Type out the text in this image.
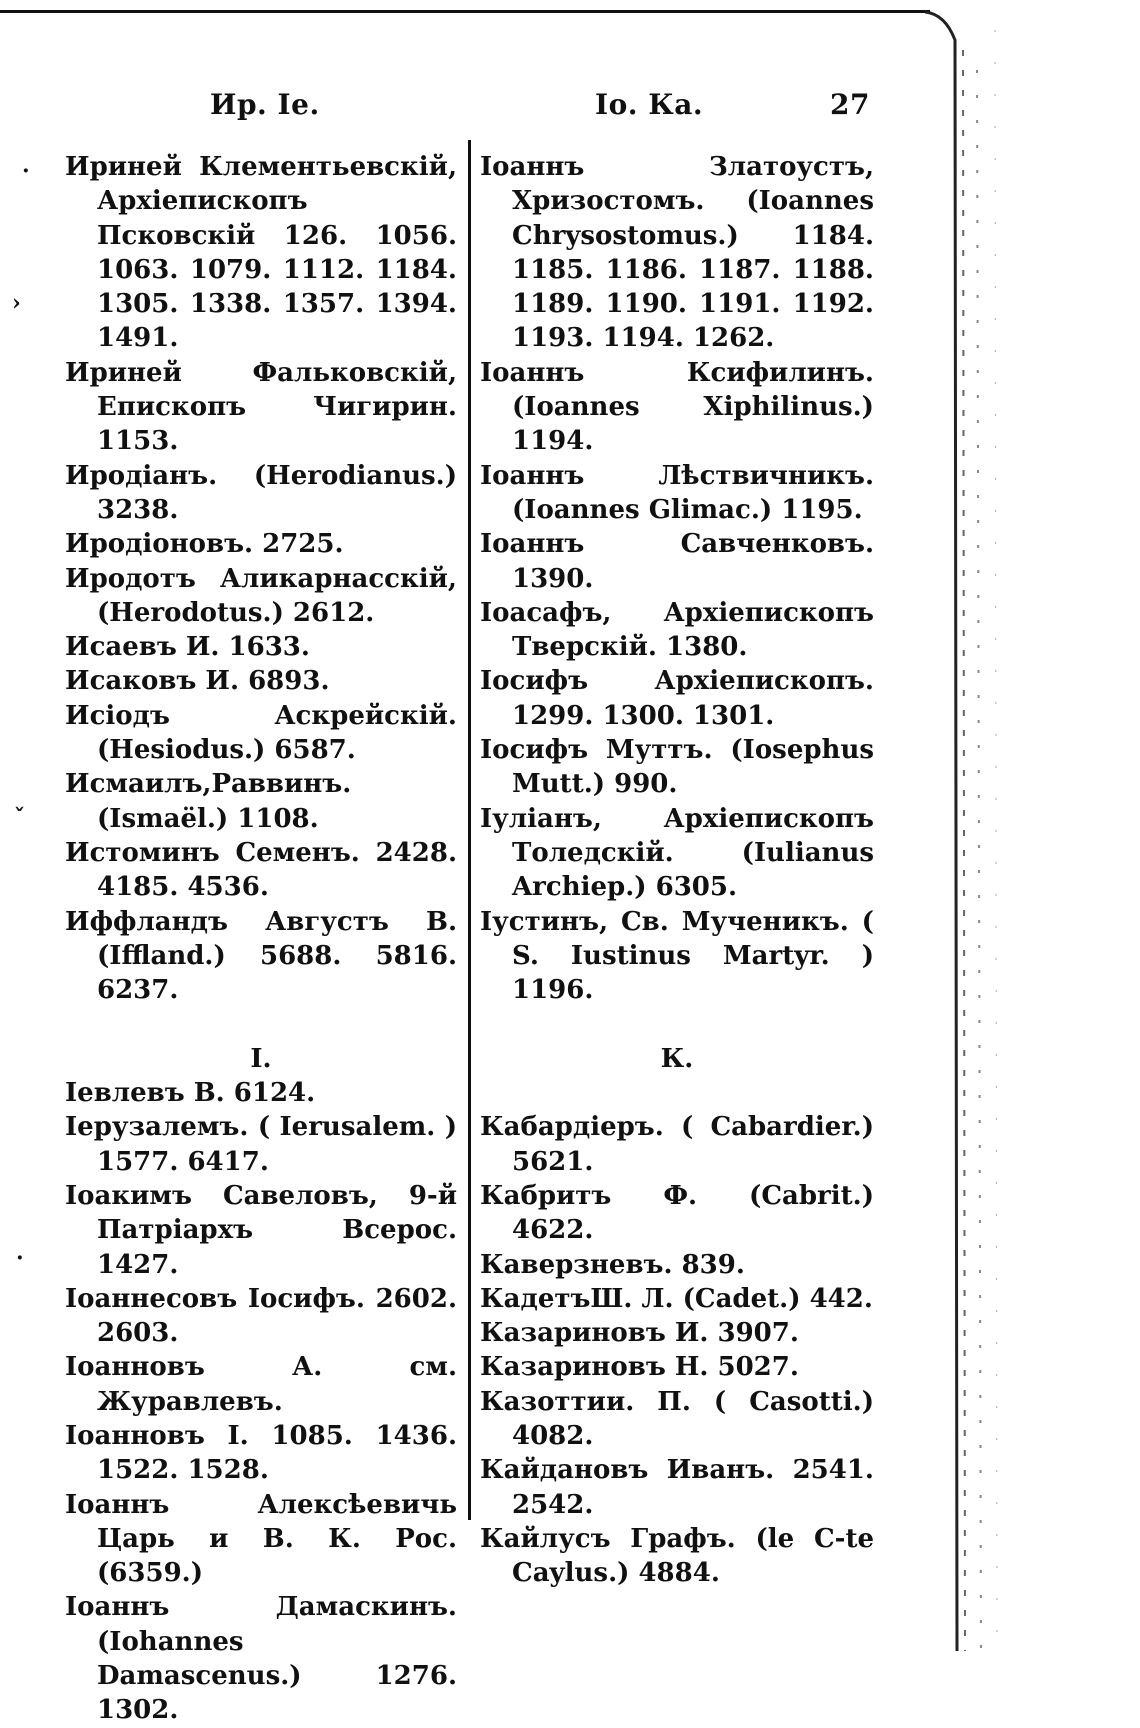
Ир. Іе.	Іо. Ка.	27
·
›
ˇ
·
Ириней Клементьевскій, Архіепископъ Псковскій 126. 1056. 1063. 1079. 1112. 1184. 1305. 1338. 1357. 1394. 1491.
Ириней Фальковскій, Епископъ Чигирин. 1153.
Иродіанъ. (Herodianus.) 3238.
Иродіоновъ. 2725.
Иродотъ Аликарнасскій, (Herodotus.) 2612.
Исаевъ И. 1633.
Исаковъ И. 6893.
Исіодъ Аскрейскій. (Hesiodus.) 6587.
Исмаилъ,Раввинъ.(Ismaël.) 1108.
Истоминъ Семенъ. 2428. 4185. 4536.
Иффландъ Августъ В. (Iffland.) 5688. 5816. 6237.
I.
Іевлевъ В. 6124.
Іерузалемъ. ( Ierusalem. ) 1577. 6417.
Іоакимъ Савеловъ, 9-й Патріархъ Всерос. 1427.
Іоаннесовъ Іосифъ. 2602. 2603.
Іоанновъ А. см. Журавлевъ.
Іоанновъ І. 1085. 1436. 1522. 1528.
Іоаннъ Алексѣевичь Царь и В. К. Рос. (6359.)
Іоаннъ Дамаскинъ. (Iohannes Damascenus.) 1276. 1302.
Іоаннъ Златоустъ, Хризостомъ. (Ioannes Chrysostomus.) 1184. 1185. 1186. 1187. 1188. 1189. 1190. 1191. 1192. 1193. 1194. 1262.
Іоаннъ Ксифилинъ. (Ioannes Xiphilinus.) 1194.
Іоаннъ Лѣствичникъ. (Ioannes Glimac.) 1195.
Іоаннъ Савченковъ. 1390.
Іоасафъ, Архіепископъ Тверскій. 1380.
Іосифъ Архіепископъ. 1299. 1300. 1301.
Іосифъ Муттъ. (Iosephus Mutt.) 990.
Іуліанъ, Архіепископъ Толедскій. (Iulianus Archiep.) 6305.
Іустинъ, Св. Мученикъ. ( S. Iustinus Martyr. ) 1196.
К.
Кабардіеръ. ( Cabardier.) 5621.
Кабритъ Ф. (Cabrit.) 4622.
Каверзневъ. 839.
КадетъШ. Л. (Cadet.) 442.
Казариновъ И. 3907.
Казариновъ Н. 5027.
Казоттии. П. ( Casotti.) 4082.
Кайдановъ Иванъ. 2541. 2542.
Кайлусъ Графъ. (le C-te Caylus.) 4884.
